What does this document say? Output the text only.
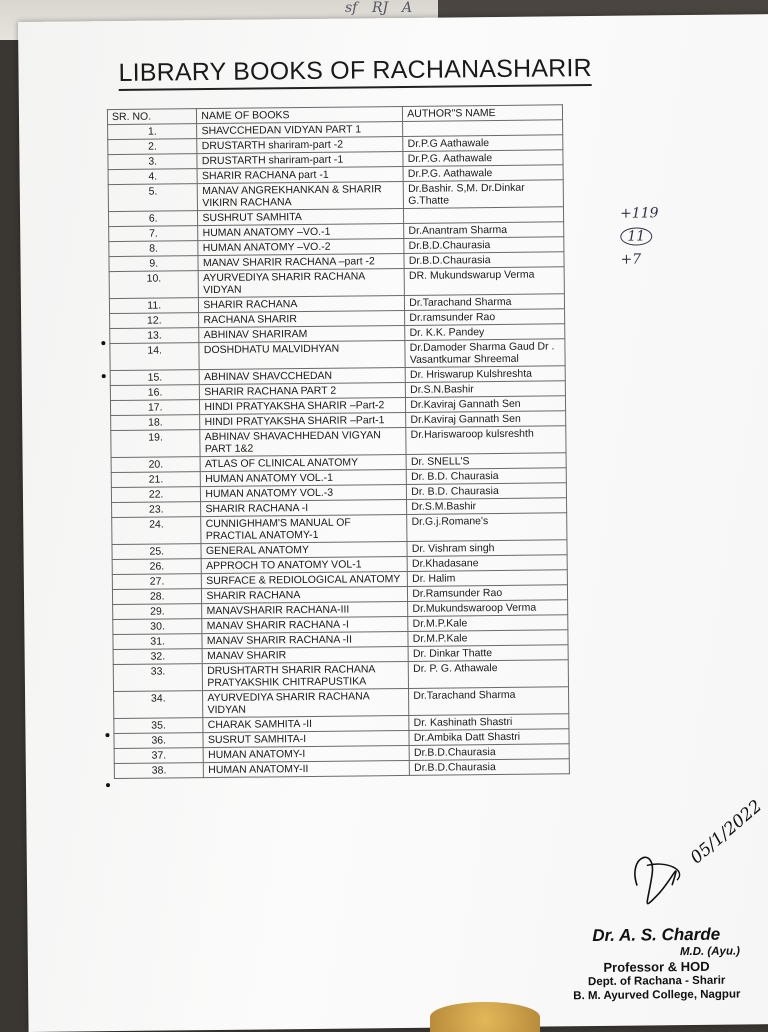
sf RJ A
LIBRARY BOOKS OF RACHANASHARIR
SR. NO.	NAME OF BOOKS	AUTHOR"S NAME
1.	SHAVCCHEDAN VIDYAN PART 1	
2.	DRUSTARTH shariram-part -2	Dr.P.G Aathawale
3.	DRUSTARTH shariram-part -1	Dr.P.G. Aathawale
4.	SHARIR RACHANA part -1	Dr.P.G. Aathawale
5.	MANAV ANGREKHANKAN & SHARIR VIKIRN RACHANA	Dr.Bashir. S,M. Dr.Dinkar G.Thatte
6.	SUSHRUT SAMHITA	
7.	HUMAN ANATOMY –VO.-1	Dr.Anantram Sharma
8.	HUMAN ANATOMY –VO.-2	Dr.B.D.Chaurasia
9.	MANAV SHARIR RACHANA –part -2	Dr.B.D.Chaurasia
10.	AYURVEDIYA SHARIR RACHANA VIDYAN	DR. Mukundswarup Verma
11.	SHARIR RACHANA	Dr.Tarachand Sharma
12.	RACHANA SHARIR	Dr.ramsunder Rao
13.	ABHINAV SHARIRAM	Dr. K.K. Pandey
14.	DOSHDHATU MALVIDHYAN	Dr.Damoder Sharma Gaud Dr . Vasantkumar Shreemal
15.	ABHINAV SHAVCCHEDAN	Dr. Hriswarup Kulshreshta
16.	SHARIR RACHANA PART 2	Dr.S.N.Bashir
17.	HINDI PRATYAKSHA SHARIR –Part-2	Dr.Kaviraj Gannath Sen
18.	HINDI PRATYAKSHA SHARIR –Part-1	Dr.Kaviraj Gannath Sen
19.	ABHINAV SHAVACHHEDAN VIGYAN PART 1&2	Dr.Hariswaroop kulsreshth
20.	ATLAS OF CLINICAL ANATOMY	Dr. SNELL'S
21.	HUMAN ANATOMY VOL.-1	Dr. B.D. Chaurasia
22.	HUMAN ANATOMY VOL.-3	Dr. B.D. Chaurasia
23.	SHARIR RACHANA -I	Dr.S.M.Bashir
24.	CUNNIGHHAM'S MANUAL OF PRACTIAL ANATOMY-1	Dr.G.j.Romane's
25.	GENERAL ANATOMY	Dr. Vishram singh
26.	APPROCH TO ANATOMY VOL-1	Dr.Khadasane
27.	SURFACE & REDIOLOGICAL ANATOMY	Dr. Halim
28.	SHARIR RACHANA	Dr.Ramsunder Rao
29.	MANAVSHARIR RACHANA-III	Dr.Mukundswaroop Verma
30.	MANAV SHARIR RACHANA -I	Dr.M.P.Kale
31.	MANAV SHARIR RACHANA -II	Dr.M.P.Kale
32.	MANAV SHARIR	Dr. Dinkar Thatte
33.	DRUSHTARTH SHARIR RACHANA PRATYAKSHIK CHITRAPUSTIKA	Dr. P. G. Athawale
34.	AYURVEDIYA SHARIR RACHANA VIDYAN	Dr.Tarachand Sharma
35.	CHARAK SAMHITA -II	Dr. Kashinath Shastri
36.	SUSRUT SAMHITA-I	Dr.Ambika Datt Shastri
37.	HUMAN ANATOMY-I	Dr.B.D.Chaurasia
38.	HUMAN ANATOMY-II	Dr.B.D.Chaurasia
+119
11
+7
05/1/2022
Dr. A. S. Charde
M.D. (Ayu.)
Professor & HOD
Dept. of Rachana - Sharir
B. M. Ayurved College, Nagpur
